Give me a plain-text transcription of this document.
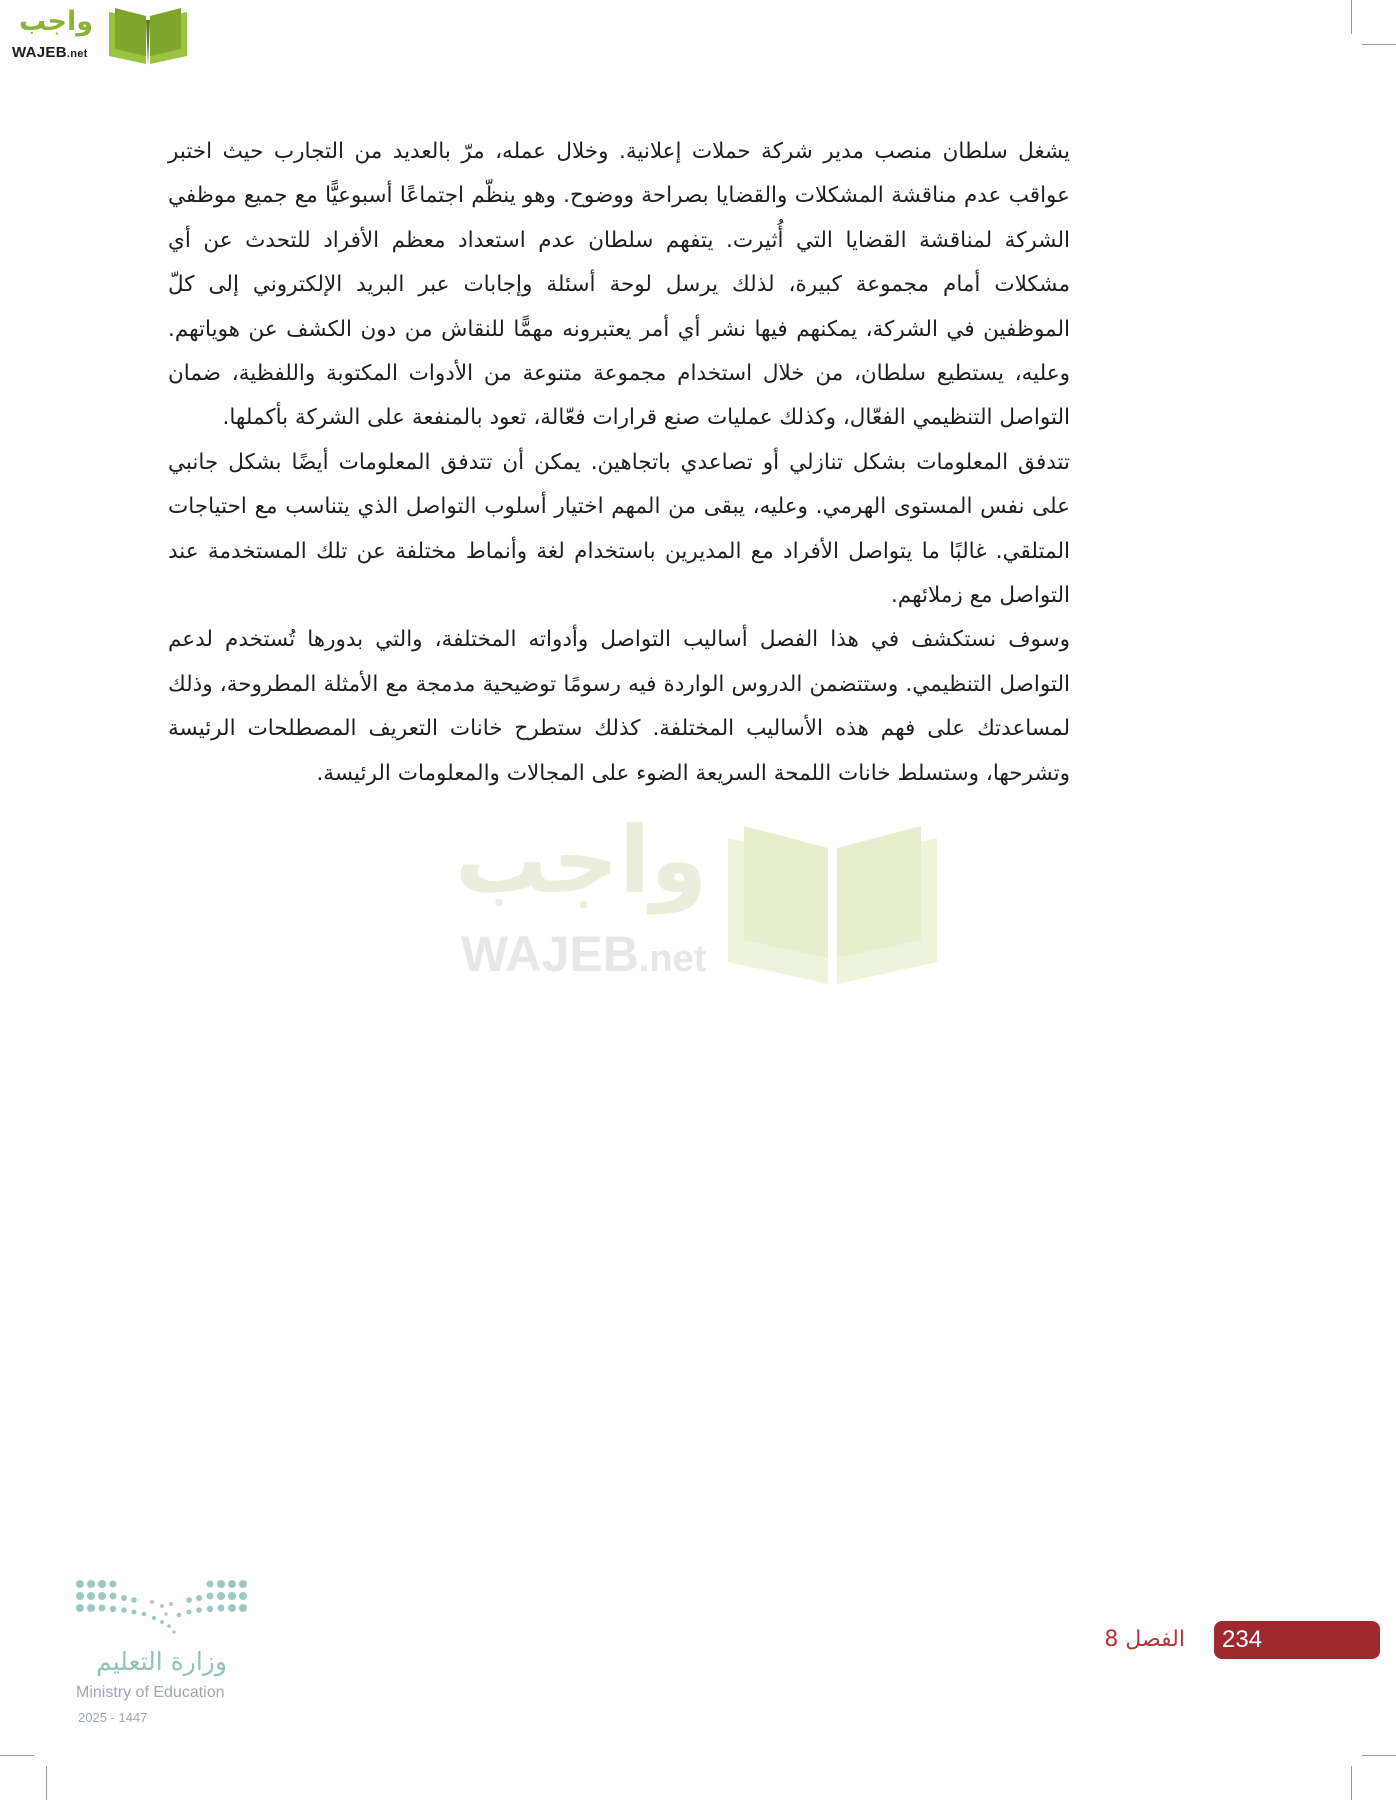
واجب
WAJEB.net

يشغل سلطان منصب مدير شركة حملات إعلانية. وخلال عمله، مرّ بالعديد من التجارب حيث اختبر عواقب عدم مناقشة المشكلات والقضايا بصراحة ووضوح. وهو ينظّم اجتماعًا أسبوعيًّا مع جميع موظفي الشركة لمناقشة القضايا التي أُثيرت. يتفهم سلطان عدم استعداد معظم الأفراد للتحدث عن أي مشكلات أمام مجموعة كبيرة، لذلك يرسل لوحة أسئلة وإجابات عبر البريد الإلكتروني إلى كلّ الموظفين في الشركة، يمكنهم فيها نشر أي أمر يعتبرونه مهمًّا للنقاش من دون الكشف عن هوياتهم. وعليه، يستطيع سلطان، من خلال استخدام مجموعة متنوعة من الأدوات المكتوبة واللفظية، ضمان التواصل التنظيمي الفعّال، وكذلك عمليات صنع قرارات فعّالة، تعود بالمنفعة على الشركة بأكملها.

تتدفق المعلومات بشكل تنازلي أو تصاعدي باتجاهين. يمكن أن تتدفق المعلومات أيضًا بشكل جانبي على نفس المستوى الهرمي. وعليه، يبقى من المهم اختيار أسلوب التواصل الذي يتناسب مع احتياجات المتلقي. غالبًا ما يتواصل الأفراد مع المديرين باستخدام لغة وأنماط مختلفة عن تلك المستخدمة عند التواصل مع زملائهم.

وسوف نستكشف في هذا الفصل أساليب التواصل وأدواته المختلفة، والتي بدورها تُستخدم لدعم التواصل التنظيمي. وستتضمن الدروس الواردة فيه رسومًا توضيحية مدمجة مع الأمثلة المطروحة، وذلك لمساعدتك على فهم هذه الأساليب المختلفة. كذلك ستطرح خانات التعريف المصطلحات الرئيسة وتشرحها، وستسلط خانات اللمحة السريعة الضوء على المجالات والمعلومات الرئيسة.

واجب
WAJEB.net
وزارة التعليم
Ministry of Education
2025 - 1447
الفصل 8 234
